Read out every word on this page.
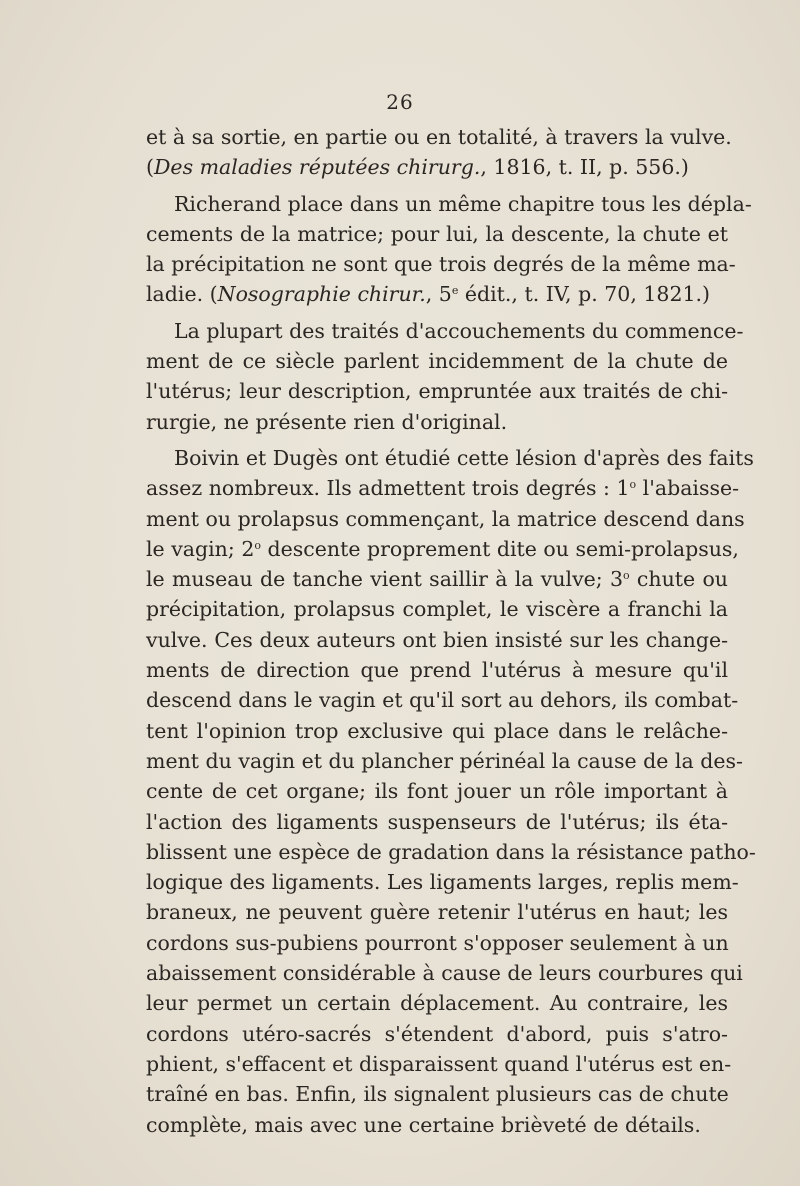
26
et à sa sortie, en partie ou en totalité, à travers la vulve.
(Des maladies réputées chirurg., 1816, t. II, p. 556.)
Richerand place dans un même chapitre tous les dépla-
cements de la matrice; pour lui, la descente, la chute et
la précipitation ne sont que trois degrés de la même ma-
ladie. (Nosographie chirur., 5e édit., t. IV, p. 70, 1821.)
La plupart des traités d'accouchements du commence-
ment de ce siècle parlent incidemment de la chute de
l'utérus; leur description, empruntée aux traités de chi-
rurgie, ne présente rien d'original.
Boivin et Dugès ont étudié cette lésion d'après des faits
assez nombreux. Ils admettent trois degrés : 1$^o$ l'abaisse-
ment ou prolapsus commençant, la matrice descend dans
le vagin; 2$^o$ descente proprement dite ou semi-prolapsus,
le museau de tanche vient saillir à la vulve; 3$^o$ chute ou
précipitation, prolapsus complet, le viscère a franchi la
vulve. Ces deux auteurs ont bien insisté sur les change-
ments de direction que prend l'utérus à mesure qu'il
descend dans le vagin et qu'il sort au dehors, ils combat-
tent l'opinion trop exclusive qui place dans le relâche-
ment du vagin et du plancher périnéal la cause de la des-
cente de cet organe; ils font jouer un rôle important à
l'action des ligaments suspenseurs de l'utérus; ils éta-
blissent une espèce de gradation dans la résistance patho-
logique des ligaments. Les ligaments larges, replis mem-
braneux, ne peuvent guère retenir l'utérus en haut; les
cordons sus-pubiens pourront s'opposer seulement à un
abaissement considérable à cause de leurs courbures qui
leur permet un certain déplacement. Au contraire, les
cordons utéro-sacrés s'étendent d'abord, puis s'atro-
phient, s'effacent et disparaissent quand l'utérus est en-
traîné en bas. Enfin, ils signalent plusieurs cas de chute
complète, mais avec une certaine brièveté de détails.
